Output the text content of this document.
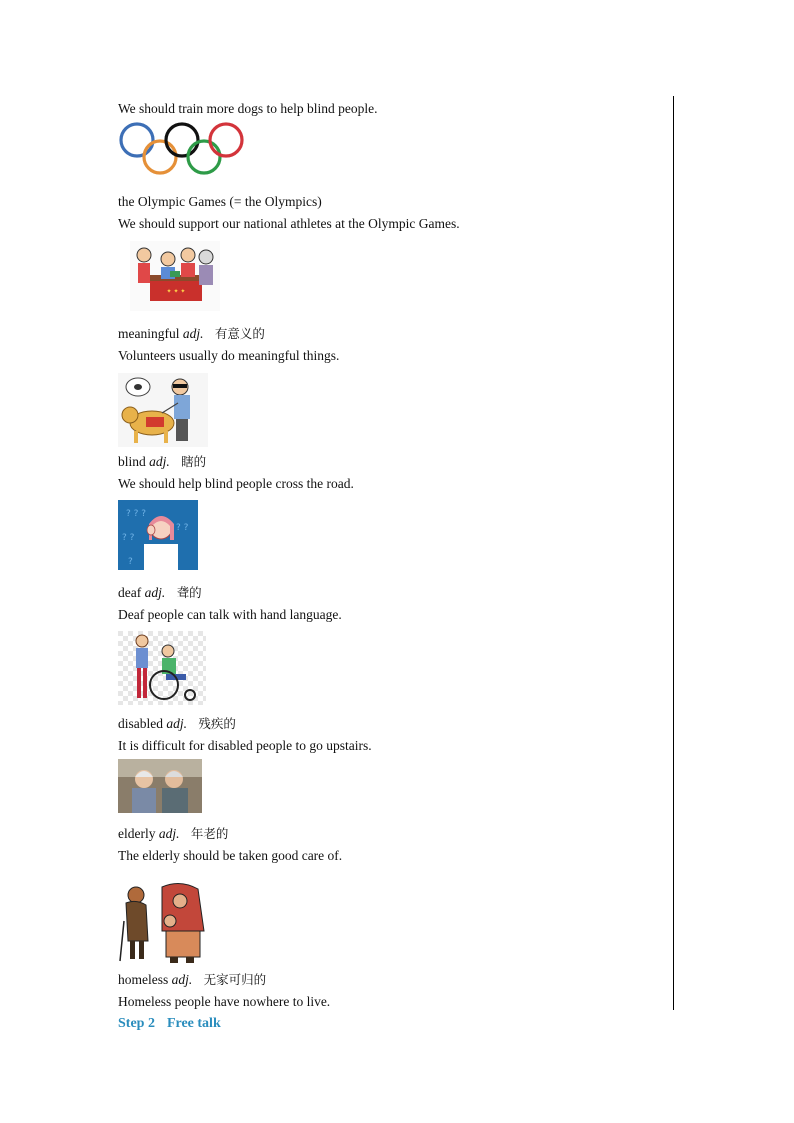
We should train more dogs to help blind people.
the Olympic Games (= the Olympics)
We should support our national athletes at the Olympic Games.
✦ ✦ ✦
meaningful adj. 有意义的
Volunteers usually do meaningful things.
blind adj. 瞎的
We should help blind people cross the road.
? ? ?
? ?
? ?
?
deaf adj. 聋的
Deaf people can talk with hand language.
disabled adj. 残疾的
It is difficult for disabled people to go upstairs.
elderly adj. 年老的
The elderly should be taken good care of.
homeless adj. 无家可归的
Homeless people have nowhere to live.
Step 2 Free talk
